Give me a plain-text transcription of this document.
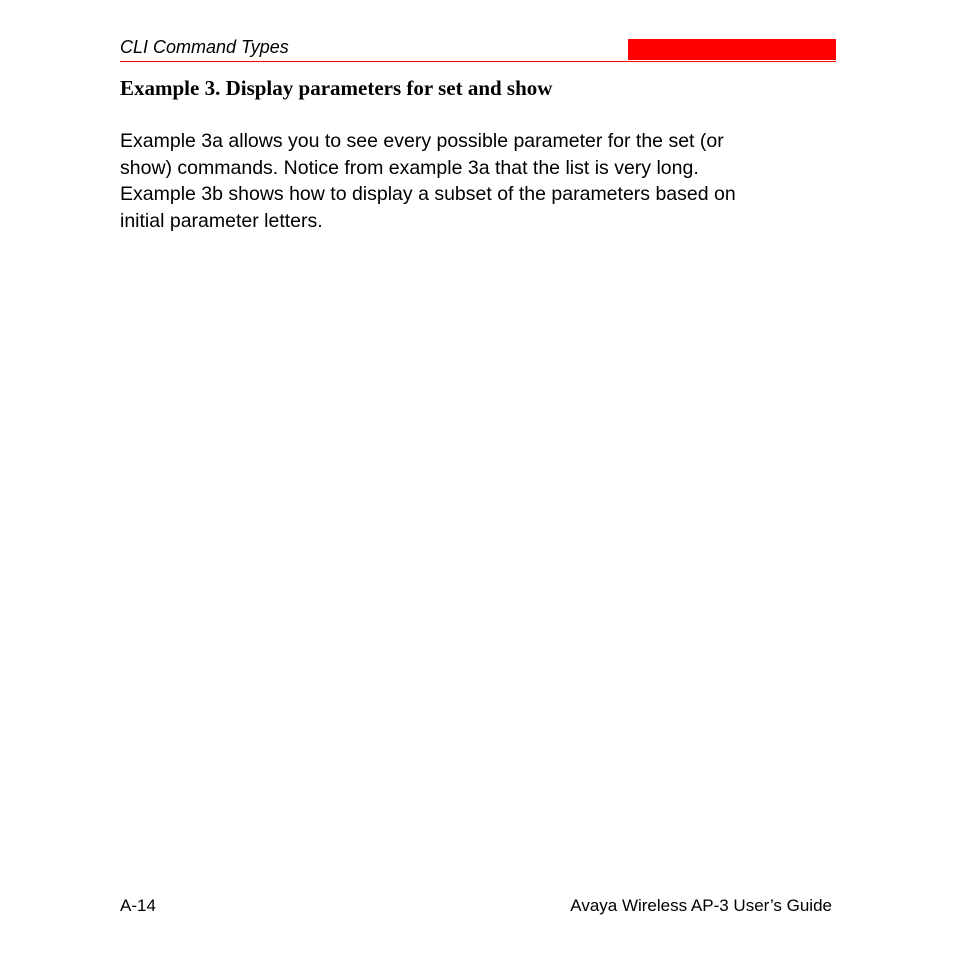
CLI Command Types
Example 3. Display parameters for set and show

Example 3a allows you to see every possible parameter for the set (or
show) commands. Notice from example 3a that the list is very long.
Example 3b shows how to display a subset of the parameters based on
initial parameter letters.

A-14	Avaya Wireless AP-3 User’s Guide
